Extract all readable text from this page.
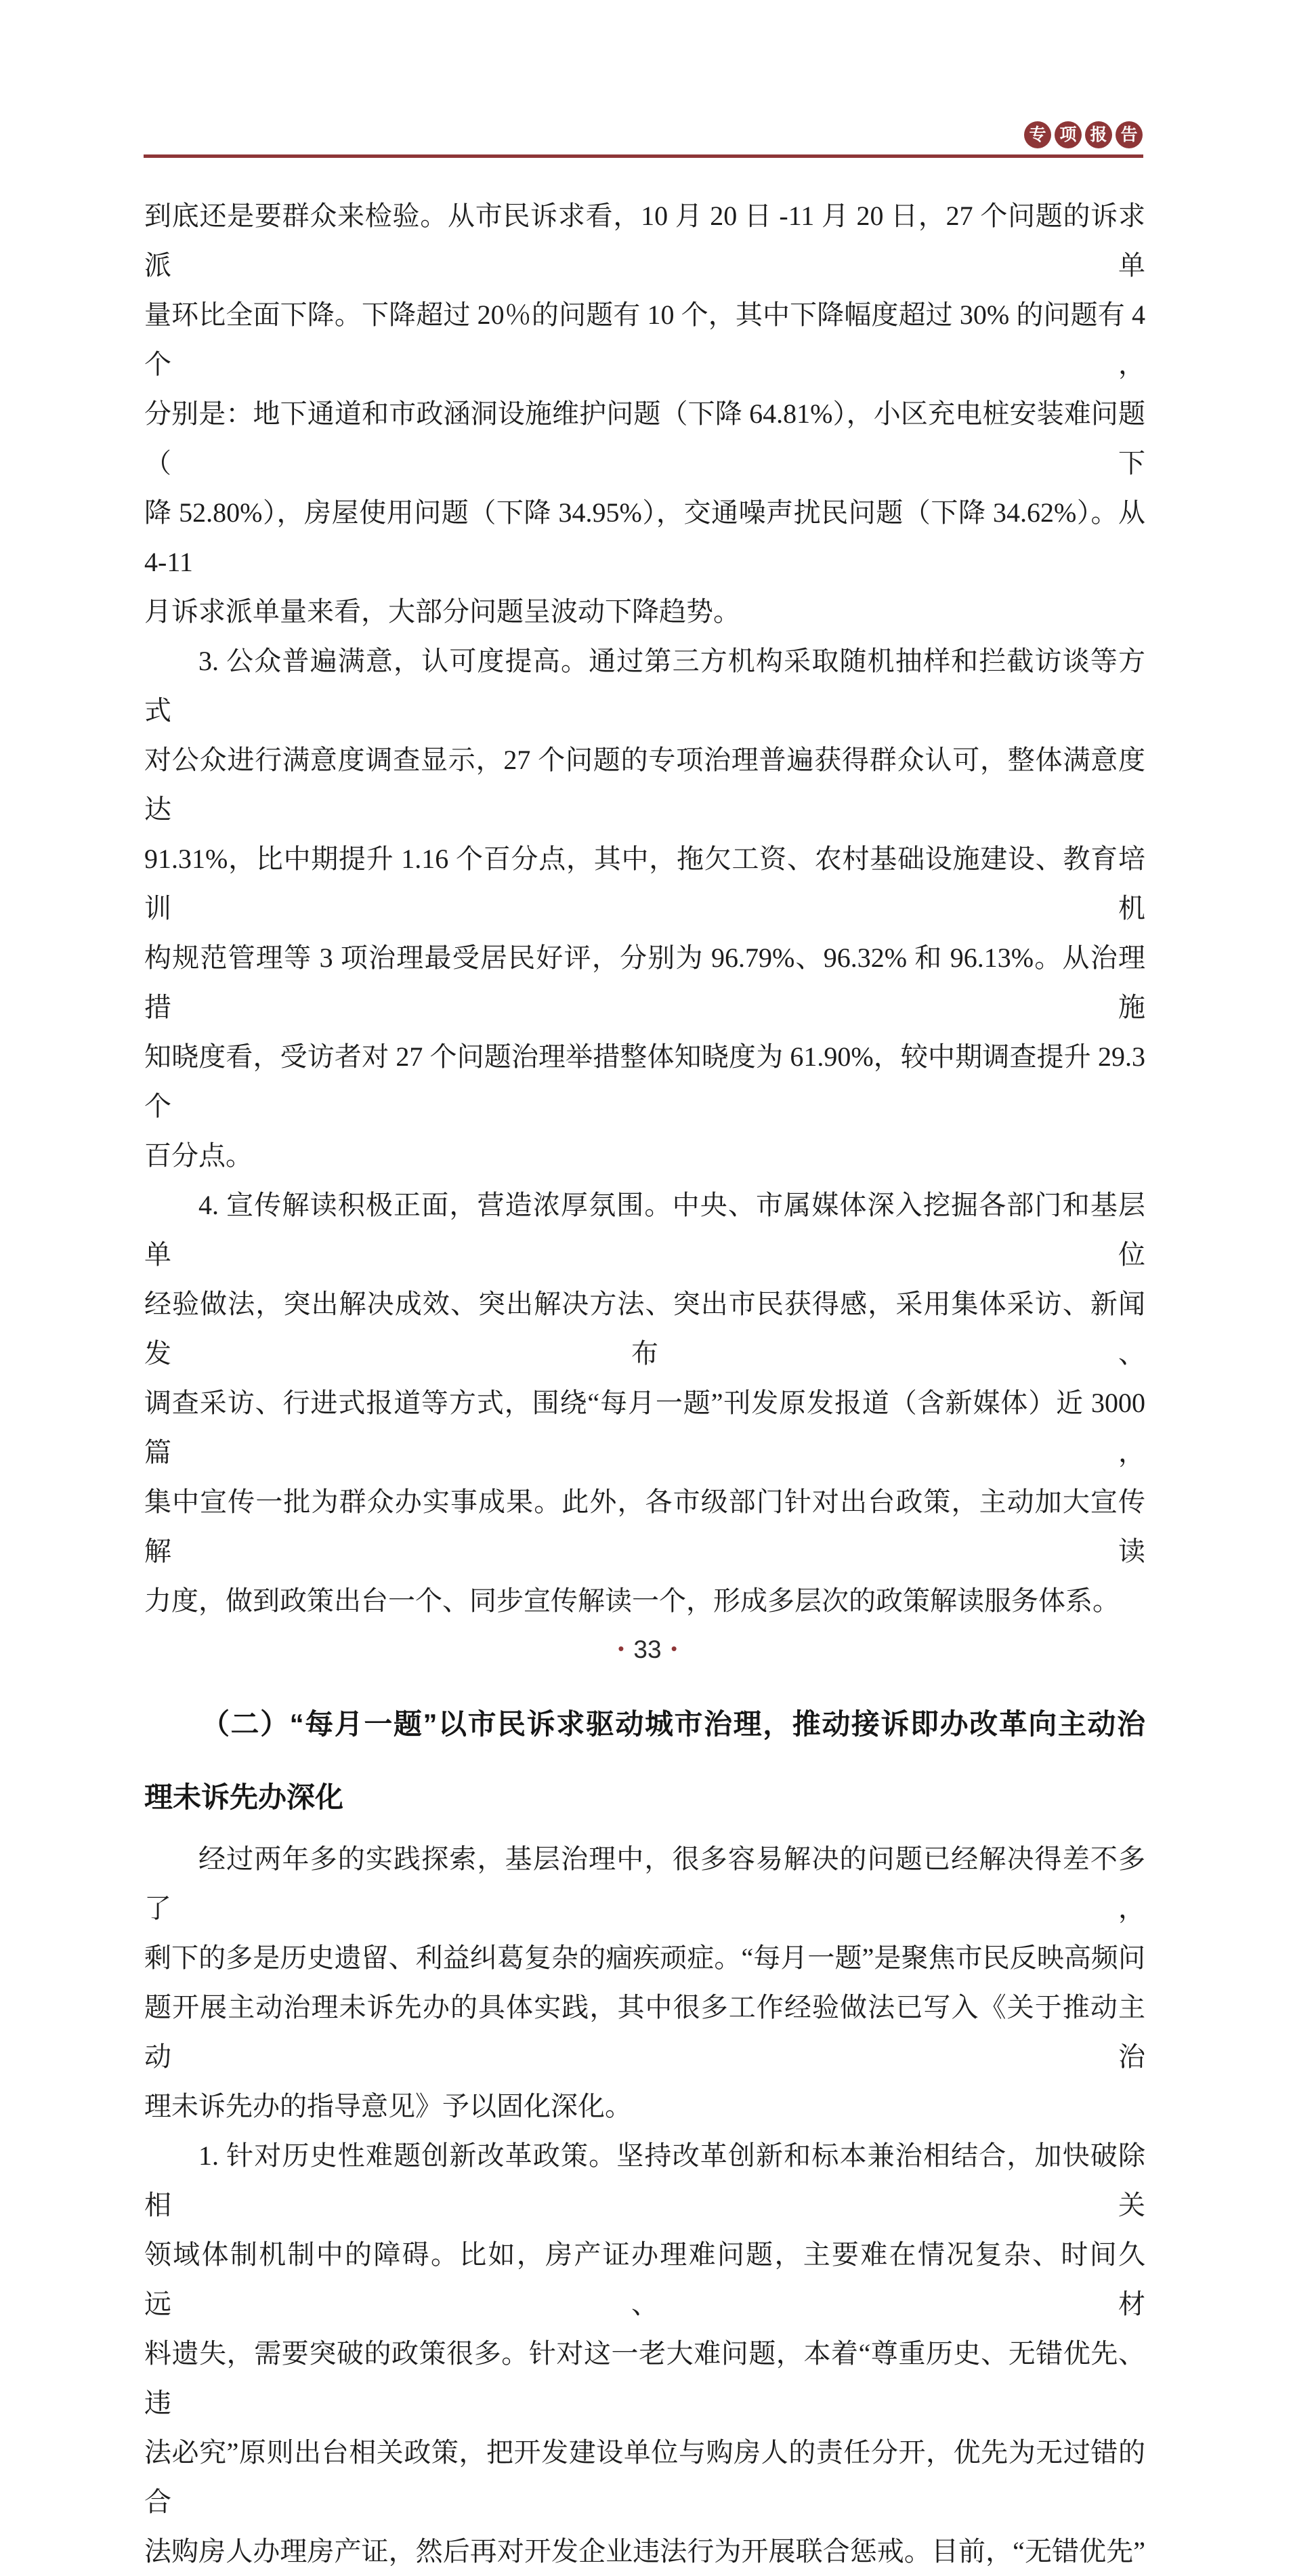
专 项 报 告
到底还是要群众来检验。从市民诉求看，10 月 20 日 -11 月 20 日，27 个问题的诉求派单
量环比全面下降。下降超过 20％的问题有 10 个，其中下降幅度超过 30% 的问题有 4 个，
分别是：地下通道和市政涵洞设施维护问题（下降 64.81%），小区充电桩安装难问题（下
降 52.80%），房屋使用问题（下降 34.95%），交通噪声扰民问题（下降 34.62%）。从 4-11
月诉求派单量来看，大部分问题呈波动下降趋势。
3. 公众普遍满意，认可度提高。通过第三方机构采取随机抽样和拦截访谈等方式
对公众进行满意度调查显示，27 个问题的专项治理普遍获得群众认可，整体满意度达
91.31%，比中期提升 1.16 个百分点，其中，拖欠工资、农村基础设施建设、教育培训机
构规范管理等 3 项治理最受居民好评，分别为 96.79%、96.32% 和 96.13%。从治理措施
知晓度看，受访者对 27 个问题治理举措整体知晓度为 61.90%，较中期调查提升 29.3 个
百分点。
4. 宣传解读积极正面，营造浓厚氛围。中央、市属媒体深入挖掘各部门和基层单位
经验做法，突出解决成效、突出解决方法、突出市民获得感，采用集体采访、新闻发布、
调查采访、行进式报道等方式，围绕“每月一题”刊发原发报道（含新媒体）近 3000 篇，
集中宣传一批为群众办实事成果。此外，各市级部门针对出台政策，主动加大宣传解读
力度，做到政策出台一个、同步宣传解读一个，形成多层次的政策解读服务体系。
（二）“每月一题”以市民诉求驱动城市治理，推动接诉即办改革向主动治
理未诉先办深化
经过两年多的实践探索，基层治理中，很多容易解决的问题已经解决得差不多了，
剩下的多是历史遗留、利益纠葛复杂的痼疾顽症。“每月一题”是聚焦市民反映高频问
题开展主动治理未诉先办的具体实践，其中很多工作经验做法已写入《关于推动主动治
理未诉先办的指导意见》予以固化深化。
1. 针对历史性难题创新改革政策。坚持改革创新和标本兼治相结合，加快破除相关
领域体制机制中的障碍。比如，房产证办理难问题，主要难在情况复杂、时间久远、材
料遗失，需要突破的政策很多。针对这一老大难问题，本着“尊重历史、无错优先、违
法必究”原则出台相关政策，把开发建设单位与购房人的责任分开，优先为无过错的合
法购房人办理房产证，然后再对开发企业违法行为开展联合惩戒。目前，“无错优先”
• 33 •
